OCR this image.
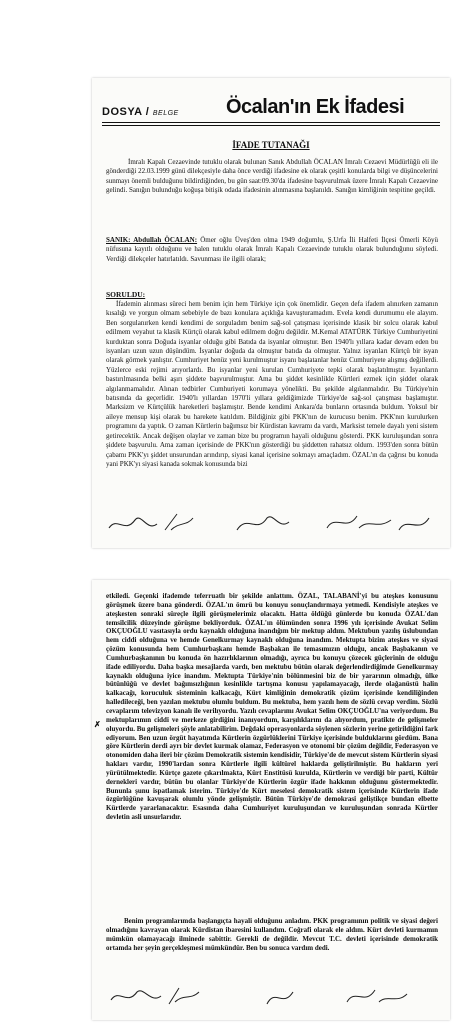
DOSYA / BELGE Öcalan'ın Ek İfadesi
İFADE TUTANAĞI
İmralı Kapalı Cezaevinde tutuklu olarak bulunan Sanık Abdullah ÖCALAN İmralı Cezaevi Müdürlüğü eli ile gönderdiği 22.03.1999 günü dilekçesiyle daha önce verdiği ifadesine ek olarak çeşitli konularda bilgi ve düşüncelerini sunmayı önemli bulduğunu bildirdiğinden, bu gün saat:09.30'da ifadesine başvurulmak üzere İmralı Kapalı Cezaevine gelindi. Sanığın bulunduğu koğuşa bitişik odada ifadesinin alınmasına başlanıldı. Sanığın kimliğinin tespitine geçildi.
SANIK: Abdullah ÖCALAN: Ömer oğlu Üveş'den olma 1949 doğumlu, Ş.Urfa İli Halfeti İlçesi Ömerli Köyü nüfusuna kayıtlı olduğunu ve halen tutuklu olarak İmralı Kapalı Cezaevinde tutuklu olarak bulunduğunu söyledi. Verdiği dilekçeler hatırlatıldı. Savunması ile ilgili olarak;
SORULDU:
İfademin alınması süreci hem benim için hem Türkiye için çok önemlidir. Geçen defa ifadem alınırken zamanın kısalığı ve yorgun olmam sebebiyle de bazı konulara açıklığa kavuşturamadım. Evela kendi durumumu ele alayım. Ben sorgulanırken kendi kendimi de sorguladım benim sağ-sol çatışması içerisinde klasik bir solcu olarak kabul edilmem veyahut ta klasik Kürtçü olarak kabul edilmem doğru değildir. M.Kemal ATATÜRK Türkiye Cumhuriyetini kurduktan sonra Doğuda isyanlar olduğu gibi Batıda da isyanlar olmuştur. Ben 1940'lı yıllara kadar devam eden bu isyanları uzun uzun düşündüm. İsyanlar doğuda da olmuştur batıda da olmuştur. Yalnız isyanları Kürtçü bir isyan olarak görmek yanlıştır. Cumhuriyet henüz yeni kurulmuştur isyanı başlatanlar henüz Cumhuriyete alışmış değillerdi. Yüzlerce eski rejimi arıyorlardı. Bu isyanlar yeni kurulan Cumhuriyete tepki olarak başlatılmıştır. İsyanların bastırılmasında belki aşırı şiddete başvurulmuştur. Ama bu şiddet kesinlikle Kürtleri ezmek için şiddet olarak algılanmamalıdır. Alınan tedbirler Cumhuriyeti korumaya yönelikti. Bu şekilde algılanmalıdır. Bu Türkiye'nin batısında da geçerlidir. 1940'lı yıllardan 1970'li yıllara geldiğimizde Türkiye'de sağ-sol çatışması başlamıştır. Marksizm ve Kürtçülük hareketleri başlamıştır. Bende kendimi Ankara'da bunların ortasında buldum. Yoksul bir aileye mensup kişi olarak bu harekete katıldım. Bildiğiniz gibi PKK'nın de kurucusu benim. PKK'nın kurulurken programını da yaptık. O zaman Kürtlerin bağımsız bir Kürdistan kavramı da vardı, Marksist temele dayalı yeni sistem getirecektik. Ancak değişen olaylar ve zaman bize bu programın hayali olduğunu gösterdi. PKK kuruluşundan sonra şiddete başvurulu. Ama zaman içerisinde de PKK'nın gösterdiği bu şiddetten rahatsız oldum. 1993'den sonra bütün çabamı PKK'yı şiddet unsurundan arındırıp, siyasi kanal içerisine sokmayı amaçladım. ÖZAL'ın da çağrısı bu konuda yani PKK'yı siyasi kanada sokmak konusunda bizi
✗
etkiledi. Geçenki ifademde teferruatlı bir şekilde anlattım. ÖZAL, TALABANİ'yi bu ateşkes konusunu görüşmek üzere bana gönderdi. ÖZAL'ın ömrü bu konuyu sonuçlandırmaya yetmedi. Kendisiyle ateşkes ve ateşkesten sonraki süreçle ilgili görüşmelerimiz olacaktı. Hatta öldüğü günlerde bu konuda ÖZAL'dan temsilcilik düzeyinde görüşme bekliyorduk. ÖZAL'ın ölümünden sonra 1996 yılı içerisinde Avukat Selim OKÇUOĞLU vasıtasıyla ordu kaynaklı olduğuna inandığım bir mektup aldım. Mektubun yazılış üslubundan hem ciddi olduğuna ve hemde Genelkurmay kaynaklı olduğuna inandım. Mektupta bizim ateşkes ve siyasi çözüm konusunda hem Cumhurbaşkanı hemde Başbakan ile temasımızın olduğu, ancak Başbakanın ve Cumhurbaşkanının bu konuda ön hazırlıklarının olmadığı, ayrıca bu konuyu çözecek güçlerinin de olduğu ifade ediliyordu. Daha başka mesajlarda vardı, ben mektubu bütün olarak değerlendirdiğimde Genelkurmay kaynaklı olduğuna iyice inandım. Mektupta Türkiye'nin bölünmesini biz de bir yararının olmadığı, ülke bütünlüğü ve devlet bağımsızlığının kesinlikle tartışma konusu yapılamayacağı, ilerde olağanüstü halin kalkacağı, koruculuk sisteminin kalkacağı, Kürt kimliğinin demokratik çözüm içerisinde kendiliğinden halledileceği, ben yazılan mektubu olumlu buldum. Bu mektuba, hem yazılı hem de sözlü cevap verdim. Sözlü cevaplarım televizyon kanalı ile verilıyordu. Yazılı cevaplarımı Avukat Selim OKÇUOĞLU'na veriyordum. Bu mektuplarımın ciddi ve merkeze girdiğini inanıyordum, karşılıklarını da alıyordum, pratikte de gelişmeler oluyordu. Bu gelişmeleri şöyle anlatabilirim. Değdaki operasyonlarda söylenen sözlerin yerine getirildiğini fark ediyorum. Ben uzun örgüt hayatımda Kürtlerin özgürlüklerini Türkiye içerisinde bulduklarını gördüm. Bana göre Kürtlerin derdi ayrı bir devlet kurmak olamaz, Federasyon ve otonomi bir çözüm değildir, Federasyon ve otonomiden daha ileri bir çözüm Demokratik sistemin kendisidir, Türkiye'de de mevcut sistem Kürtlerin siyasi hakları vardır, 1990'lardan sonra Kürtlerle ilgili kültürel haklarda geliştirilmiştir. Bu hakların yeri yürütülmektedir. Kürtçe gazete çıkarılmakta, Kürt Enstitüsü kurulda, Kürtlerin ve verdiği bir parti, Kültür dernekleri vardır, bütün bu olanlar Türkiye'de Kürtlerin özgür ifade hakkının olduğunu göstermektedir. Bununla şunu ispatlamak isterim. Türkiye'de Kürt meselesi demokratik sistem içerisinde Kürtlerin ifade özgürlüğüne kavuşarak olumlu yönde gelişmiştir. Bütün Türkiye'de demokrasi geliştikçe bundan elbette Kürtlerde yararlanacaktır. Esasında daha Cumhuriyet kuruluşundan ve kuruluşundan sonrada Kürtler devletin asli unsurlarıdır.
Benim programlarımda başlangıçta hayali olduğunu anladım. PKK programının politik ve siyasi değeri olmadığını kavrayan olarak Kürdistan ibaresini kullandım. Coğrafi olarak ele aldım. Kürt devleti kurmamın mümkün olamayacağı ilminede sabittir. Gerekli de değildir. Mevcut T.C. devleti içerisinde demokratik ortamda her şeyin gerçekleşmesi mümkündür. Ben bu sonuca vardım dedi.
